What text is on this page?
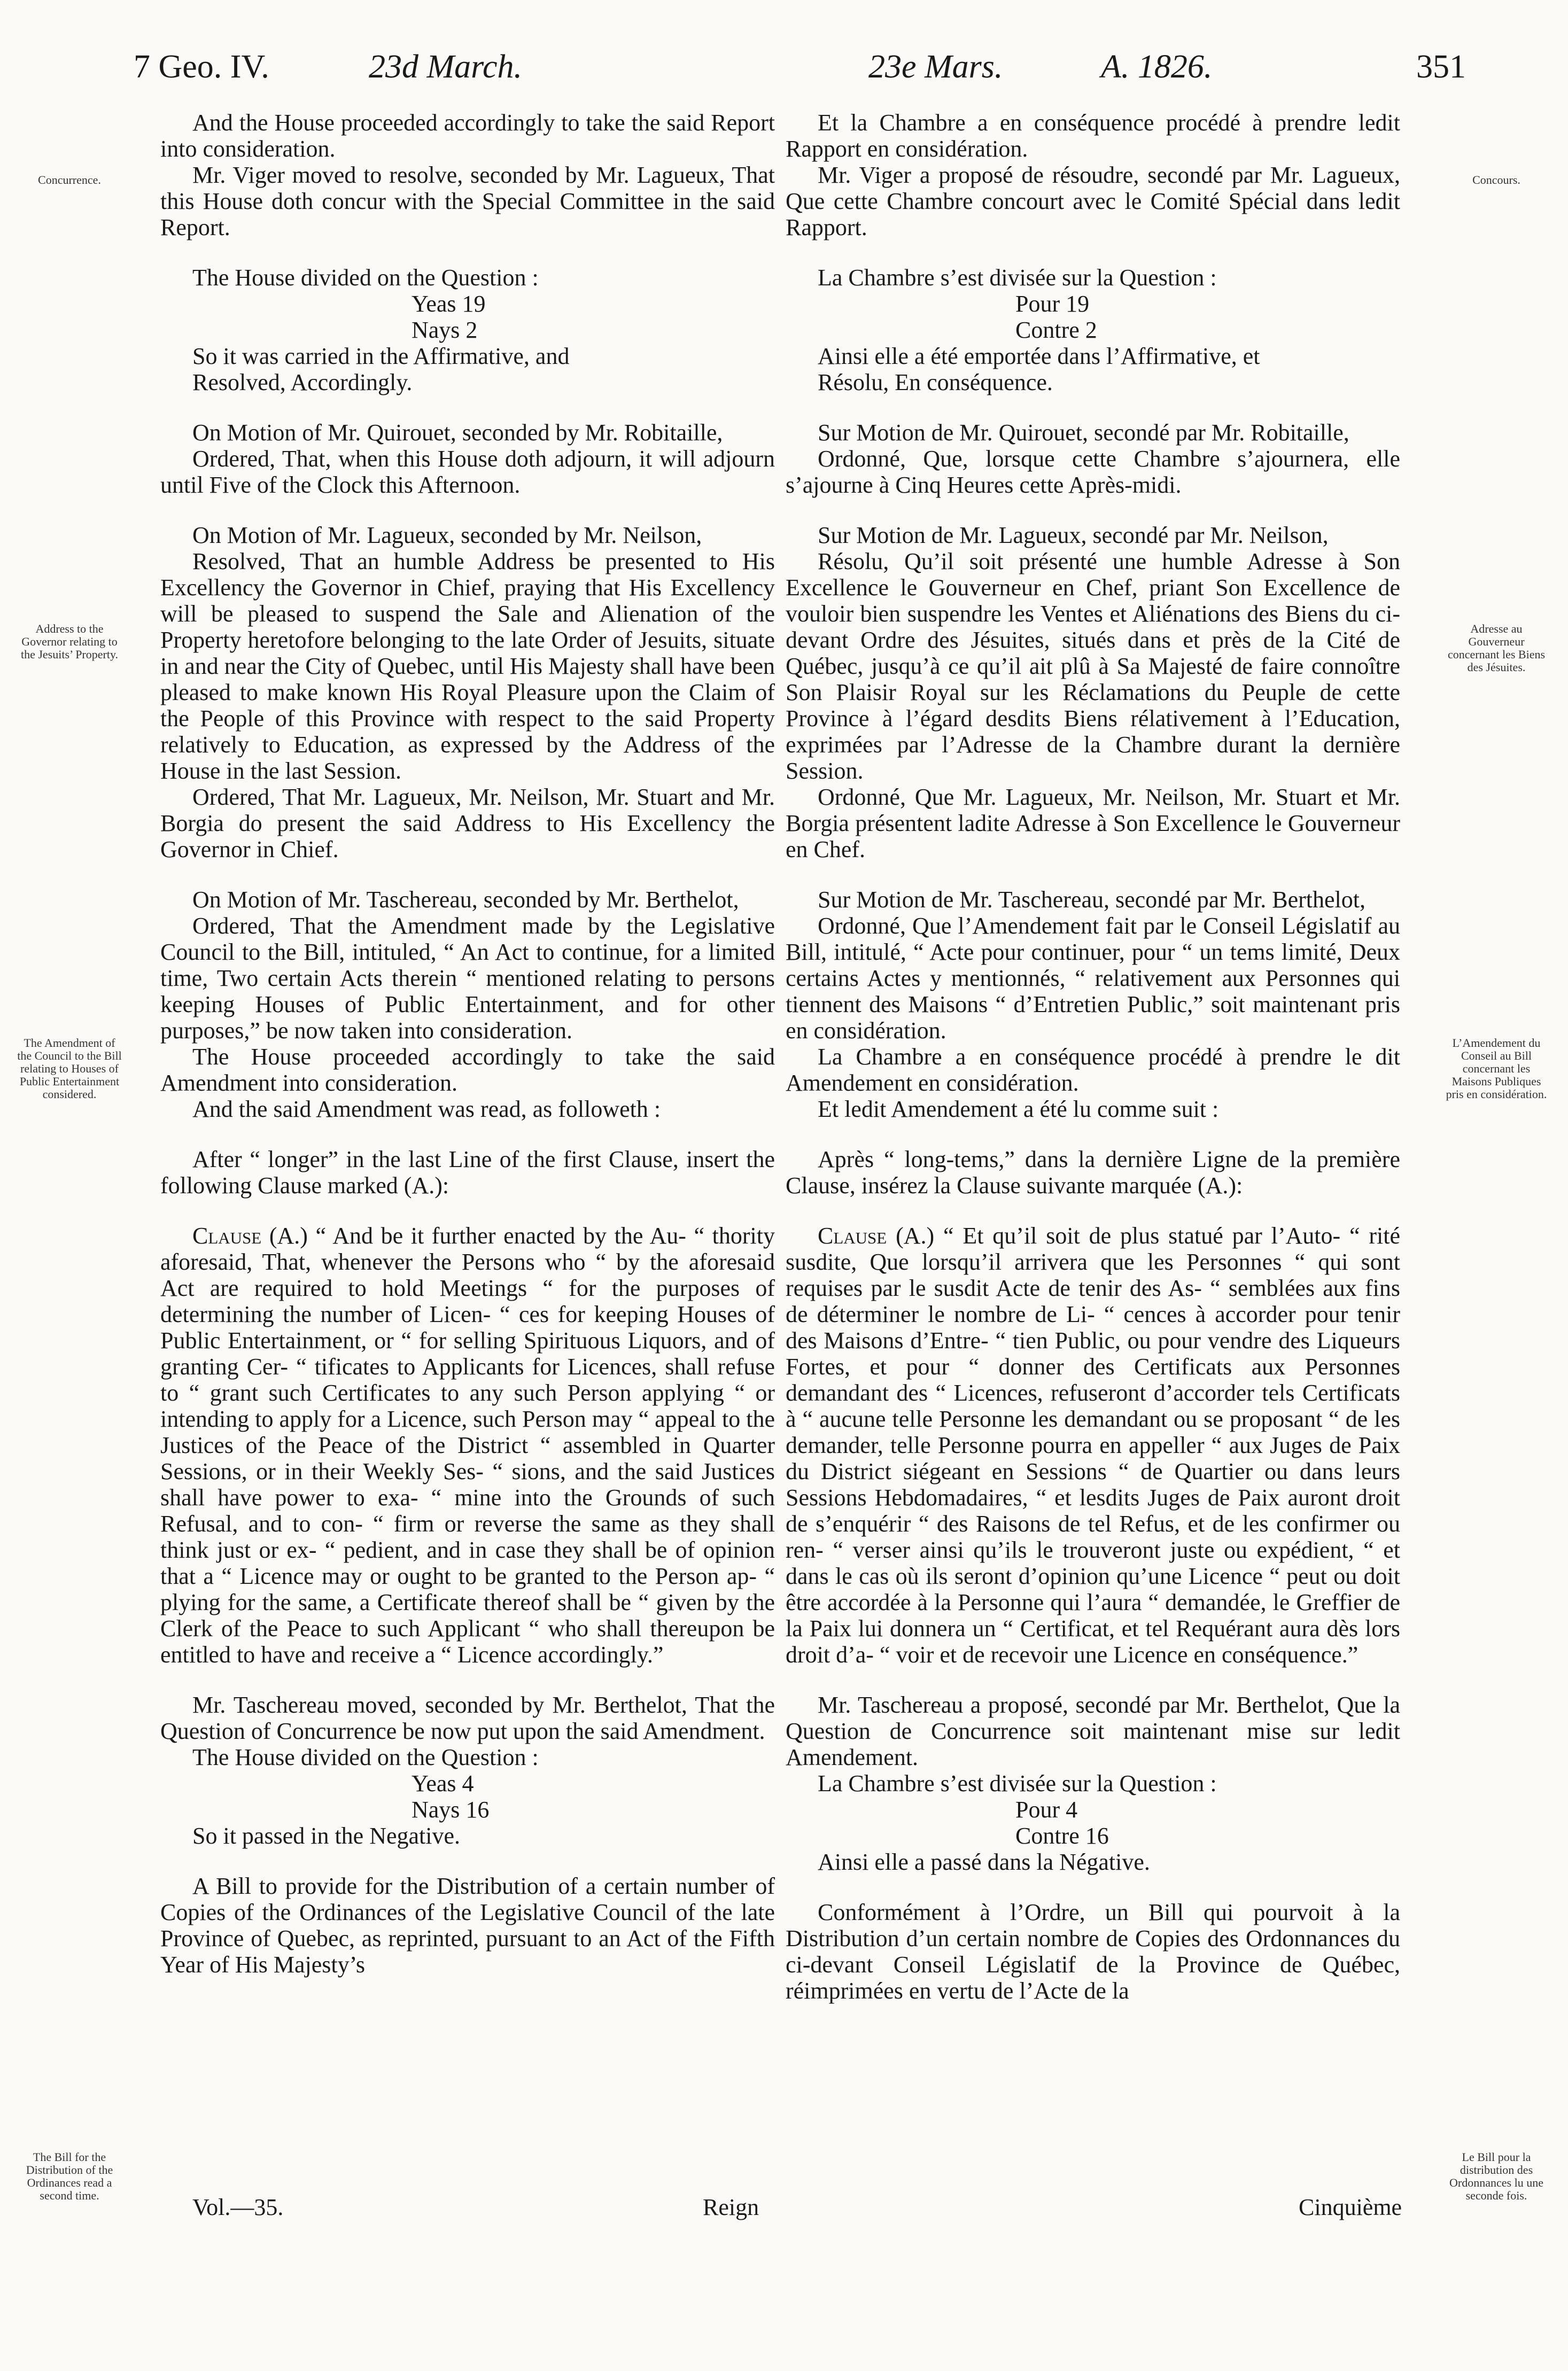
7 Geo. IV.	23d March.	23e Mars.	A. 1826.	351
Concurrence.
Address to the Governor relating to the Jesuits’ Property.
The Amendment of the Council to the Bill relating to Houses of Public Entertainment considered.
The Bill for the Distribution of the Ordinances read a second time.
Concours.
Adresse au Gouverneur concernant les Biens des Jésuites.
L’Amendement du Conseil au Bill concernant les Maisons Publiques pris en considération.
Le Bill pour la distribution des Ordonnances lu une seconde fois.

And the House proceeded accordingly to take the said Report into consideration.

Mr. Viger moved to resolve, seconded by Mr. Lagueux, That this House doth concur with the Special Committee in the said Report.

The House divided on the Question :

Yeas 19

Nays 2

So it was carried in the Affirmative, and

Resolved, Accordingly.

On Motion of Mr. Quirouet, seconded by Mr. Robitaille,

Ordered, That, when this House doth adjourn, it will adjourn until Five of the Clock this Afternoon.

On Motion of Mr. Lagueux, seconded by Mr. Neilson,

Resolved, That an humble Address be presented to His Excellency the Governor in Chief, praying that His Excellency will be pleased to suspend the Sale and Alienation of the Property heretofore belonging to the late Order of Jesuits, situate in and near the City of Quebec, until His Majesty shall have been pleased to make known His Royal Pleasure upon the Claim of the People of this Province with respect to the said Property relatively to Education, as expressed by the Address of the House in the last Session.

Ordered, That Mr. Lagueux, Mr. Neilson, Mr. Stuart and Mr. Borgia do present the said Address to His Excellency the Governor in Chief.

On Motion of Mr. Taschereau, seconded by Mr. Berthelot,

Ordered, That the Amendment made by the Legislative Council to the Bill, intituled, “ An Act to continue, for a limited time, Two certain Acts therein “ mentioned relating to persons keeping Houses of Public Entertainment, and for other purposes,” be now taken into consideration.

The House proceeded accordingly to take the said Amendment into consideration.

And the said Amendment was read, as followeth :

After “ longer” in the last Line of the first Clause, insert the following Clause marked (A.):

Clause (A.) “ And be it further enacted by the Au- “ thority aforesaid, That, whenever the Persons who “ by the aforesaid Act are required to hold Meetings “ for the purposes of determining the number of Licen- “ ces for keeping Houses of Public Entertainment, or “ for selling Spirituous Liquors, and of granting Cer- “ tificates to Applicants for Licences, shall refuse to “ grant such Certificates to any such Person applying “ or intending to apply for a Licence, such Person may “ appeal to the Justices of the Peace of the District “ assembled in Quarter Sessions, or in their Weekly Ses- “ sions, and the said Justices shall have power to exa- “ mine into the Grounds of such Refusal, and to con- “ firm or reverse the same as they shall think just or ex- “ pedient, and in case they shall be of opinion that a “ Licence may or ought to be granted to the Person ap- “ plying for the same, a Certificate thereof shall be “ given by the Clerk of the Peace to such Applicant “ who shall thereupon be entitled to have and receive a “ Licence accordingly.”

Mr. Taschereau moved, seconded by Mr. Berthelot, That the Question of Concurrence be now put upon the said Amendment.

The House divided on the Question :

Yeas 4

Nays 16

So it passed in the Negative.

A Bill to provide for the Distribution of a certain number of Copies of the Ordinances of the Legislative Council of the late Province of Quebec, as reprinted, pursuant to an Act of the Fifth Year of His Majesty’s

Et la Chambre a en conséquence procédé à prendre ledit Rapport en considération.

Mr. Viger a proposé de résoudre, secondé par Mr. Lagueux, Que cette Chambre concourt avec le Comité Spécial dans ledit Rapport.

La Chambre s’est divisée sur la Question :

Pour 19

Contre 2

Ainsi elle a été emportée dans l’Affirmative, et

Résolu, En conséquence.

Sur Motion de Mr. Quirouet, secondé par Mr. Robitaille,

Ordonné, Que, lorsque cette Chambre s’ajournera, elle s’ajourne à Cinq Heures cette Après-midi.

Sur Motion de Mr. Lagueux, secondé par Mr. Neilson,

Résolu, Qu’il soit présenté une humble Adresse à Son Excellence le Gouverneur en Chef, priant Son Excellence de vouloir bien suspendre les Ventes et Aliénations des Biens du ci-devant Ordre des Jésuites, situés dans et près de la Cité de Québec, jusqu’à ce qu’il ait plû à Sa Majesté de faire connoître Son Plaisir Royal sur les Réclamations du Peuple de cette Province à l’égard desdits Biens rélativement à l’Education, exprimées par l’Adresse de la Chambre durant la dernière Session.

Ordonné, Que Mr. Lagueux, Mr. Neilson, Mr. Stuart et Mr. Borgia présentent ladite Adresse à Son Excellence le Gouverneur en Chef.

Sur Motion de Mr. Taschereau, secondé par Mr. Berthelot,

Ordonné, Que l’Amendement fait par le Conseil Législatif au Bill, intitulé, “ Acte pour continuer, pour “ un tems limité, Deux certains Actes y mentionnés, “ relativement aux Personnes qui tiennent des Maisons “ d’Entretien Public,” soit maintenant pris en considération.

La Chambre a en conséquence procédé à prendre le dit Amendement en considération.

Et ledit Amendement a été lu comme suit :

Après “ long-tems,” dans la dernière Ligne de la première Clause, insérez la Clause suivante marquée (A.):

Clause (A.) “ Et qu’il soit de plus statué par l’Auto- “ rité susdite, Que lorsqu’il arrivera que les Personnes “ qui sont requises par le susdit Acte de tenir des As- “ semblées aux fins de déterminer le nombre de Li- “ cences à accorder pour tenir des Maisons d’Entre- “ tien Public, ou pour vendre des Liqueurs Fortes, et pour “ donner des Certificats aux Personnes demandant des “ Licences, refuseront d’accorder tels Certificats à “ aucune telle Personne les demandant ou se proposant “ de les demander, telle Personne pourra en appeller “ aux Juges de Paix du District siégeant en Sessions “ de Quartier ou dans leurs Sessions Hebdomadaires, “ et lesdits Juges de Paix auront droit de s’enquérir “ des Raisons de tel Refus, et de les confirmer ou ren- “ verser ainsi qu’ils le trouveront juste ou expédient, “ et dans le cas où ils seront d’opinion qu’une Licence “ peut ou doit être accordée à la Personne qui l’aura “ demandée, le Greffier de la Paix lui donnera un “ Certificat, et tel Requérant aura dès lors droit d’a- “ voir et de recevoir une Licence en conséquence.”

Mr. Taschereau a proposé, secondé par Mr. Berthelot, Que la Question de Concurrence soit maintenant mise sur ledit Amendement.

La Chambre s’est divisée sur la Question :

Pour 4

Contre 16

Ainsi elle a passé dans la Négative.

Conformément à l’Ordre, un Bill qui pourvoit à la Distribution d’un certain nombre de Copies des Ordonnances du ci-devant Conseil Législatif de la Province de Québec, réimprimées en vertu de l’Acte de la

Vol.—35.	Reign	Cinquième
